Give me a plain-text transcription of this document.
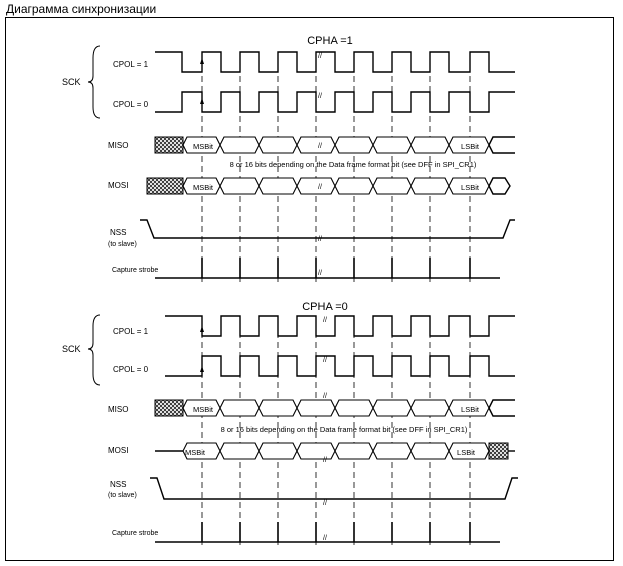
Диаграмма синхронизации
CPHA =1
SCK
CPOL = 1
CPOL = 0
MISO
MOSI
NSS
(to slave)
Capture strobe
8 or 16 bits depending on the Data frame format bit (see DFF in SPI_CR1)
//
//
MSBit	LSBit
//
MSBit	LSBit
//
//
//
CPHA =0
SCK
CPOL = 1
CPOL = 0
MISO
MOSI
NSS
(to slave)
Capture strobe
8 or 16 bits depending on the Data frame format bit (see DFF in SPI_CR1)
//
//
MSBit	LSBit
//
MSBit	LSBit
//
//
//
